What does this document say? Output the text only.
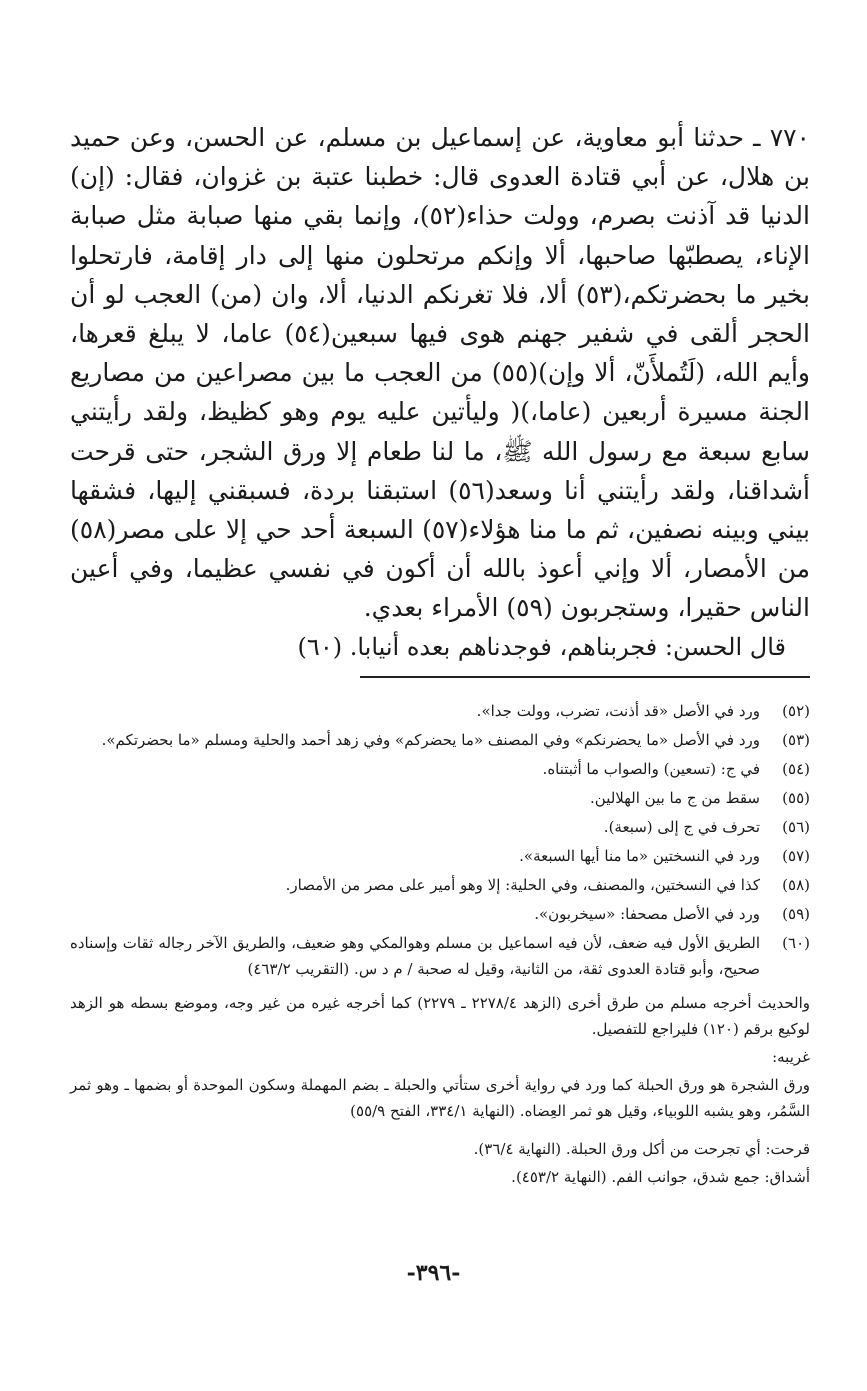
٧٧٠ ـ حدثنا أبو معاوية، عن إسماعيل بن مسلم، عن الحسن، وعن حميد بن هلال، عن أبي قتادة العدوى قال: خطبنا عتبة بن غزوان، فقال: (إن) الدنيا قد آذنت بصرم، وولت حذاء(٥٢)، وإنما بقي منها صبابة مثل صبابة الإناء، يصطبّها صاحبها، ألا وإنكم مرتحلون منها إلى دار إقامة، فارتحلوا بخير ما بحضرتكم،(٥٣) ألا، فلا تغرنكم الدنيا، ألا، وان (من) العجب لو أن الحجر ألقى في شفير جهنم هوى فيها سبعين(٥٤) عاما، لا يبلغ قعرها، وأيم الله، (لَتُملأَنّ، ألا وإن)(٥٥) من العجب ما بين مصراعين من مصاريع الجنة مسيرة أربعين (عاما،)( وليأتين عليه يوم وهو كظيظ، ولقد رأيتني سابع سبعة مع رسول الله ﷺ، ما لنا طعام إلا ورق الشجر، حتى قرحت أشداقنا، ولقد رأيتني أنا وسعد(٥٦) استبقنا بردة، فسبقني إليها، فشقها بيني وبينه نصفين، ثم ما منا هؤلاء(٥٧) السبعة أحد حي إلا على مصر(٥٨) من الأمصار، ألا وإني أعوذ بالله أن أكون في نفسي عظيما، وفي أعين الناس حقيرا، وستجربون (٥٩) الأمراء بعدي.

قال الحسن: فجربناهم، فوجدناهم بعده أنيابا. (٦٠)

(٥٢)
ورد في الأصل «قد أذنت، تضرب، وولت جدا».
(٥٣)
ورد في الأصل «ما يحضرنكم» وفي المصنف «ما يحضركم» وفي زهد أحمد والحلية ومسلم «ما بحضرتكم».
(٥٤)
في ج: (تسعين) والصواب ما أثبتناه.
(٥٥)
سقط من ج ما بين الهلالين.
(٥٦)
تحرف في ج إلى (سبعة).
(٥٧)
ورد في النسختين «ما منا أيها السبعة».
(٥٨)
كذا في النسختين، والمصنف، وفي الحلية: إلا وهو أمير على مصر من الأمصار.
(٥٩)
ورد في الأصل مصحفا: «سيخربون».
(٦٠)
الطريق الأول فيه ضعف، لأن فيه اسماعيل بن مسلم وهوالمكي وهو ضعيف، والطريق الآخر رجاله ثقات وإسناده صحيح، وأبو قتادة العدوى ثقة، من الثانية، وقيل له صحبة / م د س. (التقريب ٤٦٣/٢)

والحديث أخرجه مسلم من طرق أخرى (الزهد ٢٢٧٨/٤ ـ ٢٢٧٩) كما أخرجه غيره من غير وجه، وموضع بسطه هو الزهد لوكيع برقم (١٢٠) فليراجع للتفصيل.

غريبه:

ورق الشجرة هو ورق الحبلة كما ورد في رواية أخرى ستأتي والحبلة ـ بضم المهملة وسكون الموحدة أو بضمها ـ وهو ثمر السَّمُر، وهو يشبه اللوبياء، وقيل هو ثمر العِضاه. (النهاية ٣٣٤/١، الفتح ٥٥/٩)

قرحت: أي تجرحت من أكل ورق الحبلة. (النهاية ٣٦/٤).

أشداق: جمع شدق، جوانب الفم. (النهاية ٤٥٣/٢).

-٣٩٦-
